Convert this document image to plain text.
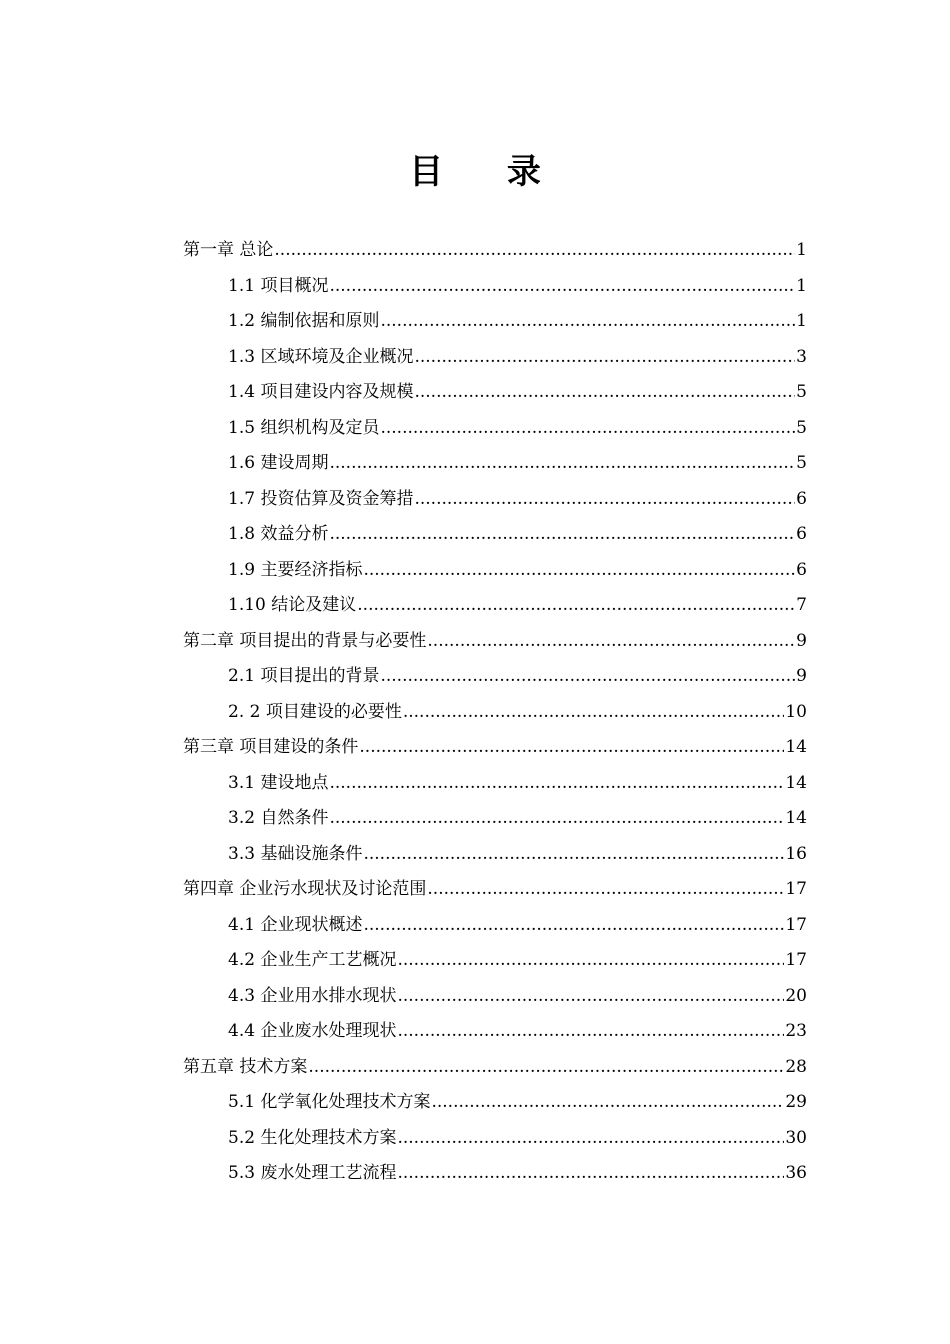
目 录
第一章 总论 .....	1
1.1 项目概况 .....	1
1.2 编制依据和原则 .....	1
1.3 区域环境及企业概况 .....	3
1.4 项目建设内容及规模 .....	5
1.5 组织机构及定员 .....	5
1.6 建设周期 .....	5
1.7 投资估算及资金筹措 .....	6
1.8 效益分析 .....	6
1.9 主要经济指标 .....	6
1.10 结论及建议 .....	7
第二章 项目提出的背景与必要性 .....	9
2.1 项目提出的背景 .....	9
2. 2 项目建设的必要性 .....	10
第三章 项目建设的条件 .....	14
3.1 建设地点 .....	14
3.2 自然条件 .....	14
3.3 基础设施条件 .....	16
第四章 企业污水现状及讨论范围 .....	17
4.1 企业现状概述 .....	17
4.2 企业生产工艺概况 .....	17
4.3 企业用水排水现状 .....	20
4.4 企业废水处理现状 .....	23
第五章 技术方案 .....	28
5.1 化学氧化处理技术方案 .....	29
5.2 生化处理技术方案 .....	30
5.3 废水处理工艺流程 .....	36
